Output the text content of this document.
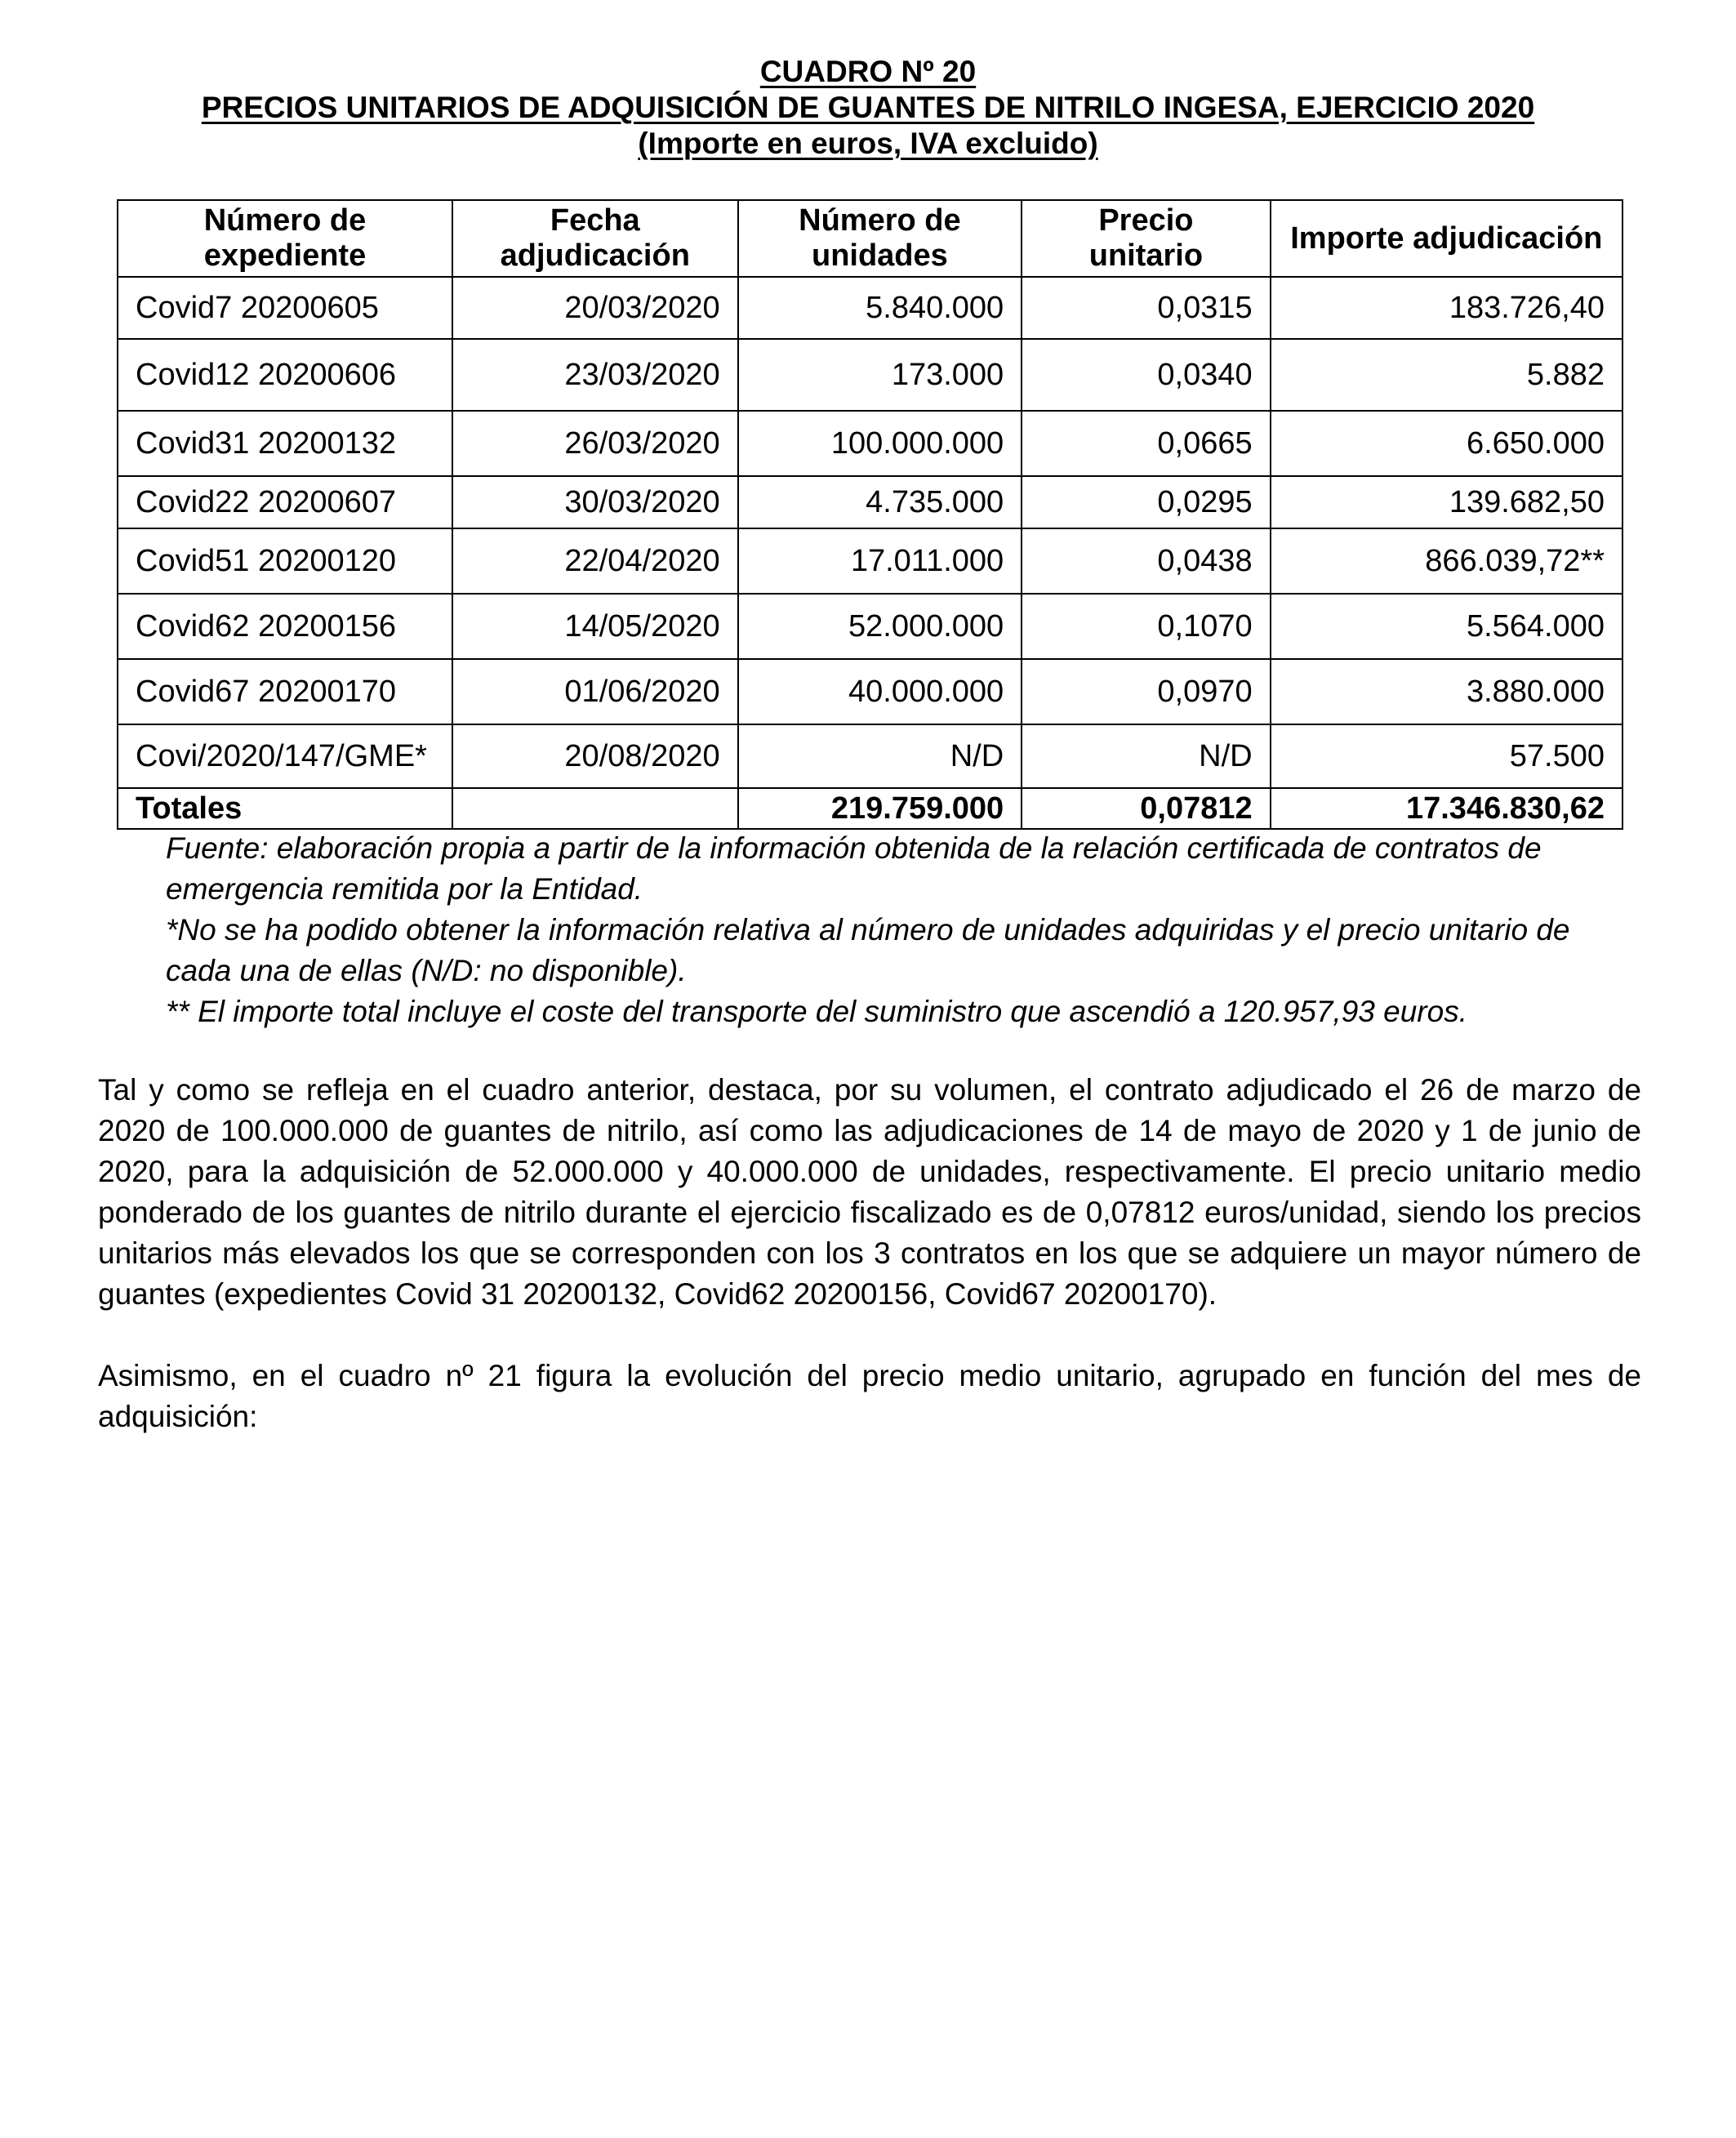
CUADRO Nº 20
PRECIOS UNITARIOS DE ADQUISICIÓN DE GUANTES DE NITRILO INGESA, EJERCICIO 2020
(Importe en euros, IVA excluido)
Número de expediente	Fecha adjudicación	Número de unidades	Precio unitario	Importe adjudicación
Covid7 20200605	20/03/2020	5.840.000	0,0315	183.726,40
Covid12 20200606	23/03/2020	173.000	0,0340	5.882
Covid31 20200132	26/03/2020	100.000.000	0,0665	6.650.000
Covid22 20200607	30/03/2020	4.735.000	0,0295	139.682,50
Covid51 20200120	22/04/2020	17.011.000	0,0438	866.039,72**
Covid62 20200156	14/05/2020	52.000.000	0,1070	5.564.000
Covid67 20200170	01/06/2020	40.000.000	0,0970	3.880.000
Covi/2020/147/GME*	20/08/2020	N/D	N/D	57.500
Totales		219.759.000	0,07812	17.346.830,62

Fuente: elaboración propia a partir de la información obtenida de la relación certificada de contratos de emergencia remitida por la Entidad.

*No se ha podido obtener la información relativa al número de unidades adquiridas y el precio unitario de cada una de ellas (N/D: no disponible).

** El importe total incluye el coste del transporte del suministro que ascendió a 120.957,93 euros.

Tal y como se refleja en el cuadro anterior, destaca, por su volumen, el contrato adjudicado el 26 de marzo de 2020 de 100.000.000 de guantes de nitrilo, así como las adjudicaciones de 14 de mayo de 2020 y 1 de junio de 2020, para la adquisición de 52.000.000 y 40.000.000 de unidades, respectivamente. El precio unitario medio ponderado de los guantes de nitrilo durante el ejercicio fiscalizado es de 0,07812 euros/unidad, siendo los precios unitarios más elevados los que se corresponden con los 3 contratos en los que se adquiere un mayor número de guantes (expedientes Covid 31 20200132, Covid62 20200156, Covid67 20200170).

Asimismo, en el cuadro nº 21 figura la evolución del precio medio unitario, agrupado en función del mes de adquisición:
